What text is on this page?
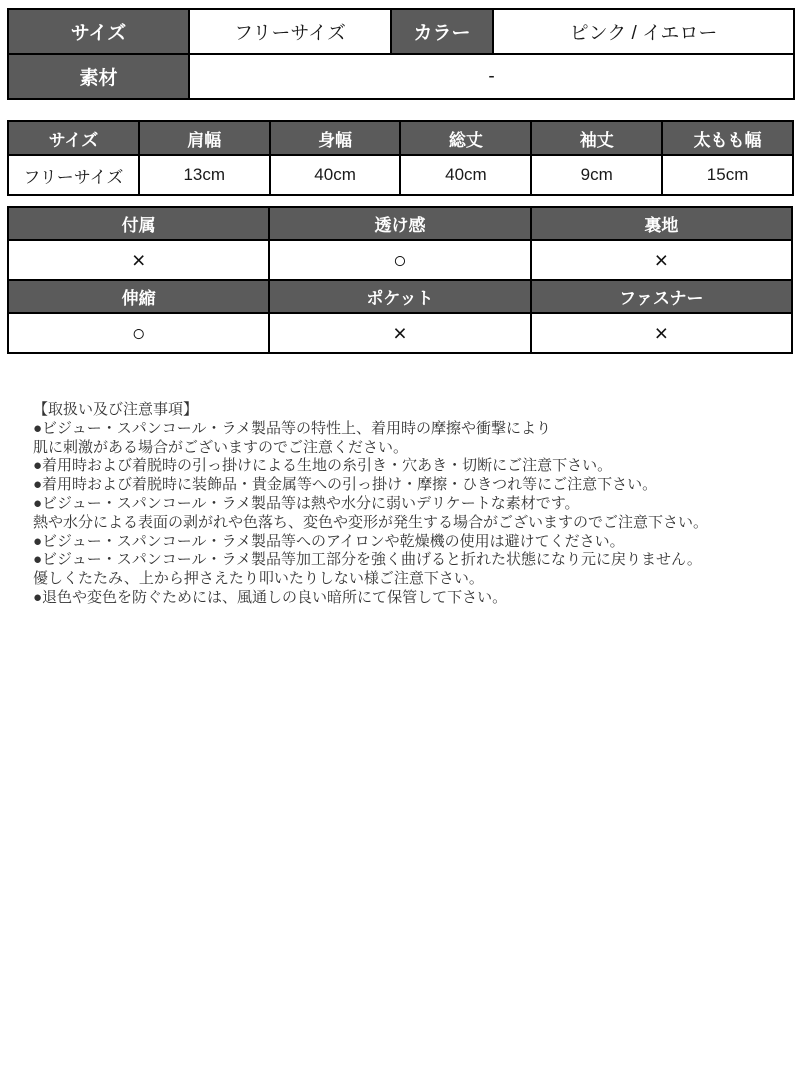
サイズ	フリーサイズ	カラー	ピンク / イエロー
素材	-		
サイズ	肩幅	身幅	総丈	袖丈	太もも幅
フリーサイズ	13cm	40cm	40cm	9cm	15cm
付属	透け感	裏地
×	○	×
伸縮	ポケット	ファスナー
○	×	×
【取扱い及び注意事項】
●ビジュー・スパンコール・ラメ製品等の特性上、着用時の摩擦や衝撃により
肌に刺激がある場合がございますのでご注意ください。
●着用時および着脱時の引っ掛けによる生地の糸引き・穴あき・切断にご注意下さい。
●着用時および着脱時に装飾品・貴金属等への引っ掛け・摩擦・ひきつれ等にご注意下さい。
●ビジュー・スパンコール・ラメ製品等は熱や水分に弱いデリケートな素材です。
熱や水分による表面の剥がれや色落ち、変色や変形が発生する場合がございますのでご注意下さい。
●ビジュー・スパンコール・ラメ製品等へのアイロンや乾燥機の使用は避けてください。
●ビジュー・スパンコール・ラメ製品等加工部分を強く曲げると折れた状態になり元に戻りません。
優しくたたみ、上から押さえたり叩いたりしない様ご注意下さい。
●退色や変色を防ぐためには、風通しの良い暗所にて保管して下さい。
